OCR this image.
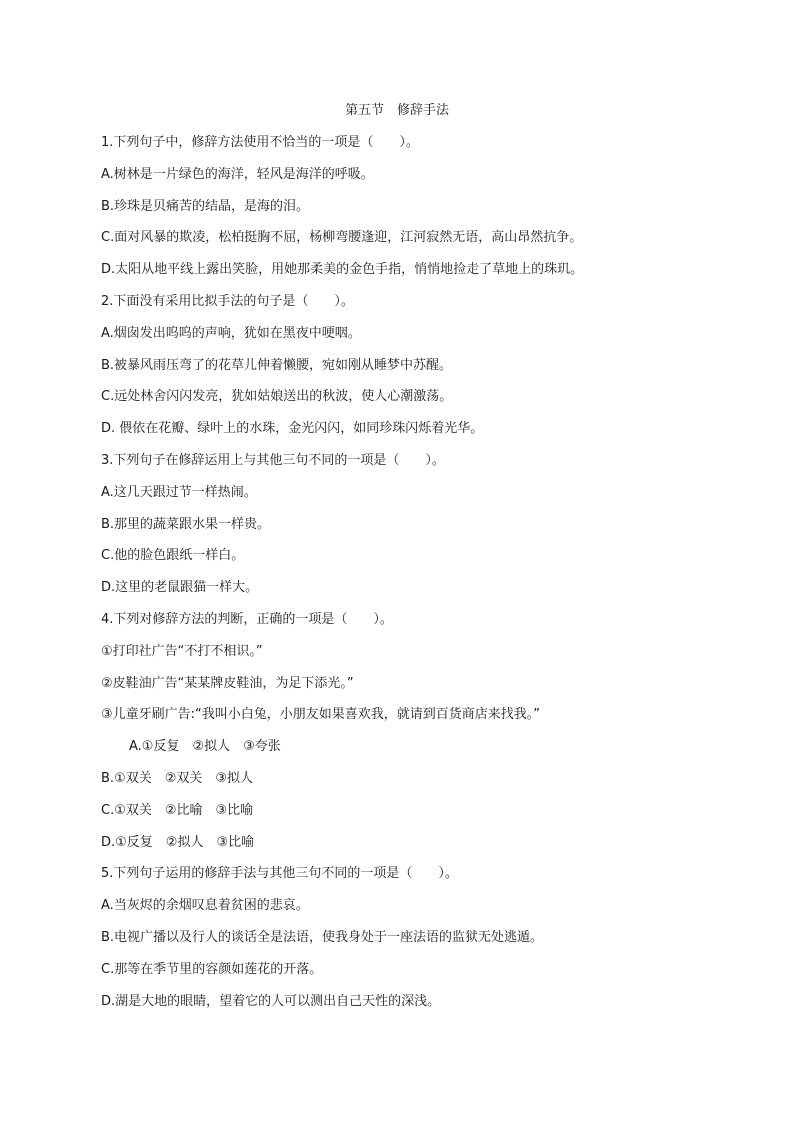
第五节　修辞手法
1.下列句子中，修辞方法使用不恰当的一项是（　　）。
A.树林是一片绿色的海洋，轻风是海洋的呼吸。
B.珍珠是贝痛苦的结晶，是海的泪。
C.面对风暴的欺凌，松柏挺胸不屈，杨柳弯腰逢迎，江河寂然无语，高山昂然抗争。
D.太阳从地平线上露出笑脸，用她那柔美的金色手指，悄悄地捡走了草地上的珠玑。
2.下面没有采用比拟手法的句子是（　　）。
A.烟囱发出呜呜的声响，犹如在黑夜中哽咽。
B.被暴风雨压弯了的花草儿伸着懒腰，宛如刚从睡梦中苏醒。
C.远处林舍闪闪发亮，犹如姑娘送出的秋波，使人心潮激荡。
D. 偎依在花瓣、绿叶上的水珠，金光闪闪，如同珍珠闪烁着光华。
3.下列句子在修辞运用上与其他三句不同的一项是（　　）。
A.这几天跟过节一样热闹。
B.那里的蔬菜跟水果一样贵。
C.他的脸色跟纸一样白。
D.这里的老鼠跟猫一样大。
4.下列对修辞方法的判断，正确的一项是（　　）。
①打印社广告“不打不相识。”
②皮鞋油广告“某某牌皮鞋油，为足下添光。”
③儿童牙刷广告:“我叫小白兔，小朋友如果喜欢我，就请到百货商店来找我。”
A.①反复　②拟人　③夸张
B.①双关　②双关　③拟人
C.①双关　②比喻　③比喻
D.①反复　②拟人　③比喻
5.下列句子运用的修辞手法与其他三句不同的一项是（　　）。
A.当灰烬的余烟叹息着贫困的悲哀。
B.电视广播以及行人的谈话全是法语，使我身处于一座法语的监狱无处逃遁。
C.那等在季节里的容颜如莲花的开落。
D.湖是大地的眼睛，望着它的人可以测出自己天性的深浅。
